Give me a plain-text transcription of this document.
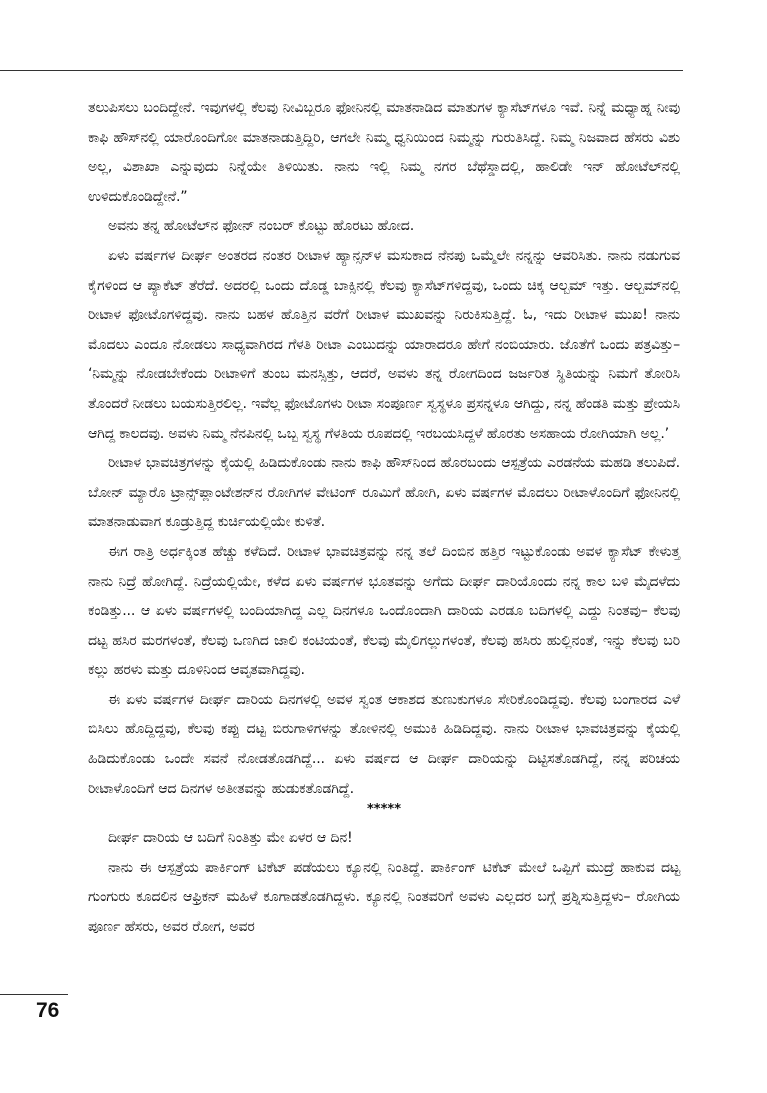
ತಲುಪಿಸಲು ಬಂದಿದ್ದೇನೆ. ಇವುಗಳಲ್ಲಿ ಕೆಲವು ನೀವಿಬ್ಬರೂ ಫೋನಿನಲ್ಲಿ ಮಾತನಾಡಿದ ಮಾತುಗಳ ಕ್ಯಾಸೆಟ್‌ಗಳೂ ಇವೆ. ನಿನ್ನೆ ಮಧ್ಯಾಹ್ನ ನೀವು ಕಾಫಿ ಹೌಸ್‌ನಲ್ಲಿ ಯಾರೊಂದಿಗೋ ಮಾತನಾಡುತ್ತಿದ್ದಿರಿ, ಆಗಲೇ ನಿಮ್ಮ ಧ್ವನಿಯಿಂದ ನಿಮ್ಮನ್ನು ಗುರುತಿಸಿದ್ದೆ. ನಿಮ್ಮ ನಿಜವಾದ ಹೆಸರು ವಿಶು ಅಲ್ಲ, ವಿಶಾಖಾ ಎನ್ನುವುದು ನಿನ್ನೆಯೇ ತಿಳಿಯಿತು. ನಾನು ಇಲ್ಲಿ ನಿಮ್ಮ ನಗರ ಬೆಥೆಸ್ಡಾದಲ್ಲಿ, ಹಾಲಿಡೇ ಇನ್ ಹೋಟೆಲ್‌ನಲ್ಲಿ ಉಳಿದುಕೊಂಡಿದ್ದೇನೆ.”

ಅವನು ತನ್ನ ಹೋಟೆಲ್‌ನ ಫೋನ್ ನಂಬರ್ ಕೊಟ್ಟು ಹೊರಟು ಹೋದ.

ಏಳು ವರ್ಷಗಳ ದೀರ್ಘ ಅಂತರದ ನಂತರ ರೀಟಾಳ ಹ್ಯಾನ್ಸನ್‌ಳ ಮಸುಕಾದ ನೆನಪು ಒಮ್ಮೆಲೇ ನನ್ನನ್ನು ಆವರಿಸಿತು. ನಾನು ನಡುಗುವ ಕೈಗಳಿಂದ ಆ ಪ್ಯಾಕೆಟ್ ತೆರೆದೆ. ಅದರಲ್ಲಿ ಒಂದು ದೊಡ್ಡ ಬಾಕ್ಸಿನಲ್ಲಿ ಕೆಲವು ಕ್ಯಾಸೆಟ್‌ಗಳಿದ್ದವು, ಒಂದು ಚಿಕ್ಕ ಆಲ್ಬಮ್ ಇತ್ತು. ಆಲ್ಬಮ್‌ನಲ್ಲಿ ರೀಟಾಳ ಫೋಟೊಗಳಿದ್ದವು. ನಾನು ಬಹಳ ಹೊತ್ತಿನ ವರೆಗೆ ರೀಟಾಳ ಮುಖವನ್ನು ನಿರುಕಿಸುತ್ತಿದ್ದೆ. ಓ, ಇದು ರೀಟಾಳ ಮುಖ! ನಾನು ಮೊದಲು ಎಂದೂ ನೋಡಲು ಸಾಧ್ಯವಾಗಿರದ ಗೆಳತಿ ರೀಟಾ ಎಂಬುದನ್ನು ಯಾರಾದರೂ ಹೇಗೆ ನಂಬಿಯಾರು. ಜೊತೆಗೆ ಒಂದು ಪತ್ರವಿತ್ತು– ‘ನಿಮ್ಮನ್ನು ನೋಡಬೇಕೆಂದು ರೀಟಾಳಿಗೆ ತುಂಬ ಮನಸ್ಸಿತ್ತು, ಆದರೆ, ಅವಳು ತನ್ನ ರೋಗದಿಂದ ಜರ್ಜರಿತ ಸ್ಥಿತಿಯನ್ನು ನಿಮಗೆ ತೋರಿಸಿ ತೊಂದರೆ ನೀಡಲು ಬಯಸುತ್ತಿರಲಿಲ್ಲ. ಇವೆಲ್ಲ ಫೋಟೊಗಳು ರೀಟಾ ಸಂಪೂರ್ಣ ಸ್ವಸ್ಥಳೂ ಪ್ರಸನ್ನಳೂ ಆಗಿದ್ದು, ನನ್ನ ಹೆಂಡತಿ ಮತ್ತು ಪ್ರೇಯಸಿ ಆಗಿದ್ದ ಕಾಲದವು. ಅವಳು ನಿಮ್ಮ ನೆನಪಿನಲ್ಲಿ ಒಬ್ಬ ಸ್ವಸ್ಥ ಗೆಳತಿಯ ರೂಪದಲ್ಲಿ ಇರಬಯಸಿದ್ದಳೆ ಹೊರತು ಅಸಹಾಯ ರೋಗಿಯಾಗಿ ಅಲ್ಲ.’

ರೀಟಾಳ ಭಾವಚಿತ್ರಗಳನ್ನು ಕೈಯಲ್ಲಿ ಹಿಡಿದುಕೊಂಡು ನಾನು ಕಾಫಿ ಹೌಸ್‌ನಿಂದ ಹೊರಬಂದು ಆಸ್ಪತ್ರೆಯ ಎರಡನೆಯ ಮಹಡಿ ತಲುಪಿದೆ. ಬೋನ್ ಮ್ಯಾರೊ ಟ್ರಾನ್ಸ್‌ಪ್ಲಾಂಟೇಶನ್‌ನ ರೋಗಿಗಳ ವೇಟಿಂಗ್ ರೂಮಿಗೆ ಹೋಗಿ, ಏಳು ವರ್ಷಗಳ ಮೊದಲು ರೀಟಾಳೊಂದಿಗೆ ಫೋನಿನಲ್ಲಿ ಮಾತನಾಡುವಾಗ ಕೂಡ್ರುತ್ತಿದ್ದ ಕುರ್ಚಿಯಲ್ಲಿಯೇ ಕುಳಿತೆ.

ಈಗ ರಾತ್ರಿ ಅರ್ಧಕ್ಕಿಂತ ಹೆಚ್ಚು ಕಳೆದಿದೆ. ರೀಟಾಳ ಭಾವಚಿತ್ರವನ್ನು ನನ್ನ ತಲೆ ದಿಂಬಿನ ಹತ್ತಿರ ಇಟ್ಟುಕೊಂಡು ಅವಳ ಕ್ಯಾಸೆಟ್ ಕೇಳುತ್ತ ನಾನು ನಿದ್ರೆ ಹೋಗಿದ್ದೆ. ನಿದ್ರೆಯಲ್ಲಿಯೇ, ಕಳೆದ ಏಳು ವರ್ಷಗಳ ಭೂತವನ್ನು ಅಗೆದು ದೀರ್ಘ ದಾರಿಯೊಂದು ನನ್ನ ಕಾಲ ಬಳಿ ಮೈದಳೆದು ಕಂಡಿತ್ತು... ಆ ಏಳು ವರ್ಷಗಳಲ್ಲಿ ಬಂದಿಯಾಗಿದ್ದ ಎಲ್ಲ ದಿನಗಳೂ ಒಂದೊಂದಾಗಿ ದಾರಿಯ ಎರಡೂ ಬದಿಗಳಲ್ಲಿ ಎದ್ದು ನಿಂತವು– ಕೆಲವು ದಟ್ಟ ಹಸಿರ ಮರಗಳಂತೆ, ಕೆಲವು ಒಣಗಿದ ಜಾಲಿ ಕಂಟಿಯಂತೆ, ಕೆಲವು ಮೈಲಿಗಲ್ಲುಗಳಂತೆ, ಕೆಲವು ಹಸಿರು ಹುಲ್ಲಿನಂತೆ, ಇನ್ನು ಕೆಲವು ಬರಿ ಕಲ್ಲು ಹರಳು ಮತ್ತು ದೂಳಿನಿಂದ ಆವೃತವಾಗಿದ್ದವು.

ಈ ಏಳು ವರ್ಷಗಳ ದೀರ್ಘ ದಾರಿಯ ದಿನಗಳಲ್ಲಿ ಅವಳ ಸ್ವಂತ ಆಕಾಶದ ತುಣುಕುಗಳೂ ಸೇರಿಕೊಂಡಿದ್ದವು. ಕೆಲವು ಬಂಗಾರದ ಎಳೆ ಬಿಸಿಲು ಹೊದ್ದಿದ್ದವು, ಕೆಲವು ಕಪ್ಪು ದಟ್ಟ ಬಿರುಗಾಳಿಗಳನ್ನು ತೋಳಿನಲ್ಲಿ ಅಮುಕಿ ಹಿಡಿದಿದ್ದವು. ನಾನು ರೀಟಾಳ ಭಾವಚಿತ್ರವನ್ನು ಕೈಯಲ್ಲಿ ಹಿಡಿದುಕೊಂಡು ಒಂದೇ ಸವನೆ ನೋಡತೊಡಗಿದ್ದೆ... ಏಳು ವರ್ಷದ ಆ ದೀರ್ಘ ದಾರಿಯನ್ನು ದಿಟ್ಟಿಸತೊಡಗಿದ್ದೆ, ನನ್ನ ಪರಿಚಯ ರೀಟಾಳೊಂದಿಗೆ ಆದ ದಿನಗಳ ಅತೀತವನ್ನು ಹುಡುಕತೊಡಗಿದ್ದೆ.

*****

ದೀರ್ಘ ದಾರಿಯ ಆ ಬದಿಗೆ ನಿಂತಿತ್ತು ಮೇ ಏಳರ ಆ ದಿನ!

ನಾನು ಈ ಆಸ್ಪತ್ರೆಯ ಪಾರ್ಕಿಂಗ್ ಟಿಕೆಟ್ ಪಡೆಯಲು ಕ್ಯೂನಲ್ಲಿ ನಿಂತಿದ್ದೆ. ಪಾರ್ಕಿಂಗ್ ಟಿಕೆಟ್ ಮೇಲೆ ಒಪ್ಪಿಗೆ ಮುದ್ರೆ ಹಾಕುವ ದಟ್ಟ ಗುಂಗುರು ಕೂದಲಿನ ಆಫ್ರಿಕನ್ ಮಹಿಳೆ ಕೂಗಾಡತೊಡಗಿದ್ದಳು. ಕ್ಯೂನಲ್ಲಿ ನಿಂತವರಿಗೆ ಅವಳು ಎಲ್ಲದರ ಬಗ್ಗೆ ಪ್ರಶ್ನಿಸುತ್ತಿದ್ದಳು– ರೋಗಿಯ ಪೂರ್ಣ ಹೆಸರು, ಅವರ ರೋಗ, ಅವರ

76
